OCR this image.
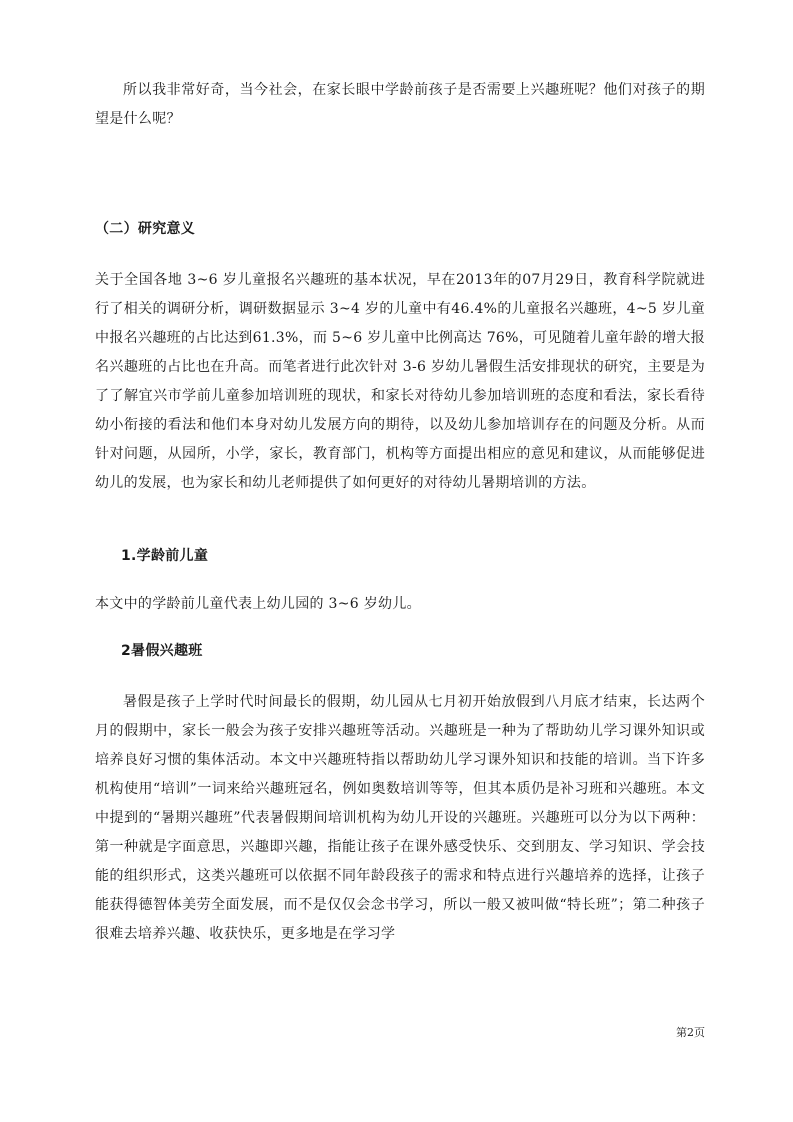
所以我非常好奇，当今社会，在家长眼中学龄前孩子是否需要上兴趣班呢？他们对孩子的期望是什么呢？

（二）研究意义

关于全国各地 3~6 岁儿童报名兴趣班的基本状况，早在2013年的07月29日，教育科学院就进行了相关的调研分析，调研数据显示 3~4 岁的儿童中有46.4%的儿童报名兴趣班，4~5 岁儿童中报名兴趣班的占比达到61.3%，而 5~6 岁儿童中比例高达 76%，可见随着儿童年龄的增大报名兴趣班的占比也在升高。而笔者进行此次针对 3-6 岁幼儿暑假生活安排现状的研究，主要是为了了解宜兴市学前儿童参加培训班的现状，和家长对待幼儿参加培训班的态度和看法，家长看待幼小衔接的看法和他们本身对幼儿发展方向的期待，以及幼儿参加培训存在的问题及分析。从而针对问题，从园所，小学，家长，教育部门，机构等方面提出相应的意见和建议，从而能够促进幼儿的发展，也为家长和幼儿老师提供了如何更好的对待幼儿暑期培训的方法。

1.学龄前儿童

本文中的学龄前儿童代表上幼儿园的 3~6 岁幼儿。

2暑假兴趣班

暑假是孩子上学时代时间最长的假期，幼儿园从七月初开始放假到八月底才结束，长达两个月的假期中，家长一般会为孩子安排兴趣班等活动。兴趣班是一种为了帮助幼儿学习课外知识或培养良好习惯的集体活动。本文中兴趣班特指以帮助幼儿学习课外知识和技能的培训。当下许多机构使用“培训”一词来给兴趣班冠名，例如奥数培训等等，但其本质仍是补习班和兴趣班。本文中提到的“暑期兴趣班”代表暑假期间培训机构为幼儿开设的兴趣班。兴趣班可以分为以下两种：第一种就是字面意思，兴趣即兴趣，指能让孩子在课外感受快乐、交到朋友、学习知识、学会技能的组织形式，这类兴趣班可以依据不同年龄段孩子的需求和特点进行兴趣培养的选择，让孩子能获得德智体美劳全面发展，而不是仅仅会念书学习，所以一般又被叫做“特长班”；第二种孩子很难去培养兴趣、收获快乐，更多地是在学习学

第2页
